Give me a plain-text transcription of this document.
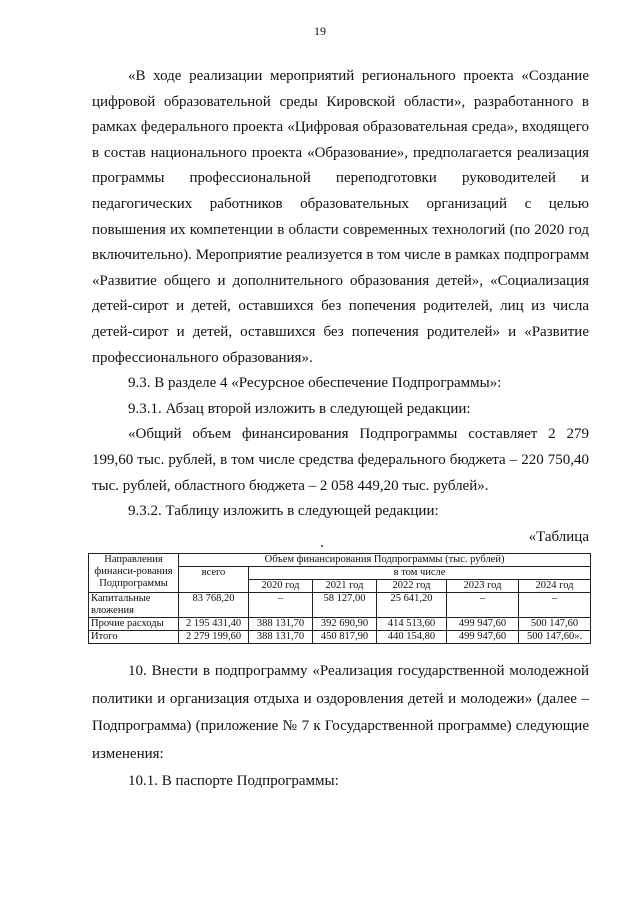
19

«В ходе реализации мероприятий регионального проекта «Создание цифровой образовательной среды Кировской области», разработанного в рамках федерального проекта «Цифровая образовательная среда», входящего в состав национального проекта «Образование», предполагается реализация программы профессиональной переподготовки руководителей и педагогических работников образовательных организаций с целью повышения их компетенции в области современных технологий (по 2020 год включительно). Мероприятие реализуется в том числе в рамках подпрограмм «Развитие общего и дополнительного образования детей», «Социализация детей-сирот и детей, оставшихся без попечения родителей, лиц из числа детей-сирот и детей, оставшихся без попечения родителей» и «Развитие профессионального образования».

9.3. В разделе 4 «Ресурсное обеспечение Подпрограммы»:

9.3.1. Абзац второй изложить в следующей редакции:

«Общий объем финансирования Подпрограммы составляет 2 279 199,60 тыс. рублей, в том числе средства федерального бюджета – 220 750,40 тыс. рублей, областного бюджета – 2 058 449,20 тыс. рублей».

9.3.2. Таблицу изложить в следующей редакции:

«Таблица

Направления финанси-рования Подпрограммы	Объем финансирования Подпрограммы (тыс. рублей)					
	всего	в том числе				
		2020 год	2021 год	2022 год	2023 год	2024 год
Капитальные вложения	83 768,20	–	58 127,00	25 641,20	–	–
Прочие расходы	2 195 431,40	388 131,70	392 690,90	414 513,60	499 947,60	500 147,60
Итого	2 279 199,60	388 131,70	450 817,90	440 154,80	499 947,60	500 147,60».

10. Внести в подпрограмму «Реализация государственной молодежной политики и организация отдыха и оздоровления детей и молодежи» (далее – Подпрограмма) (приложение № 7 к Государственной программе) следующие изменения:

10.1. В паспорте Подпрограммы:
